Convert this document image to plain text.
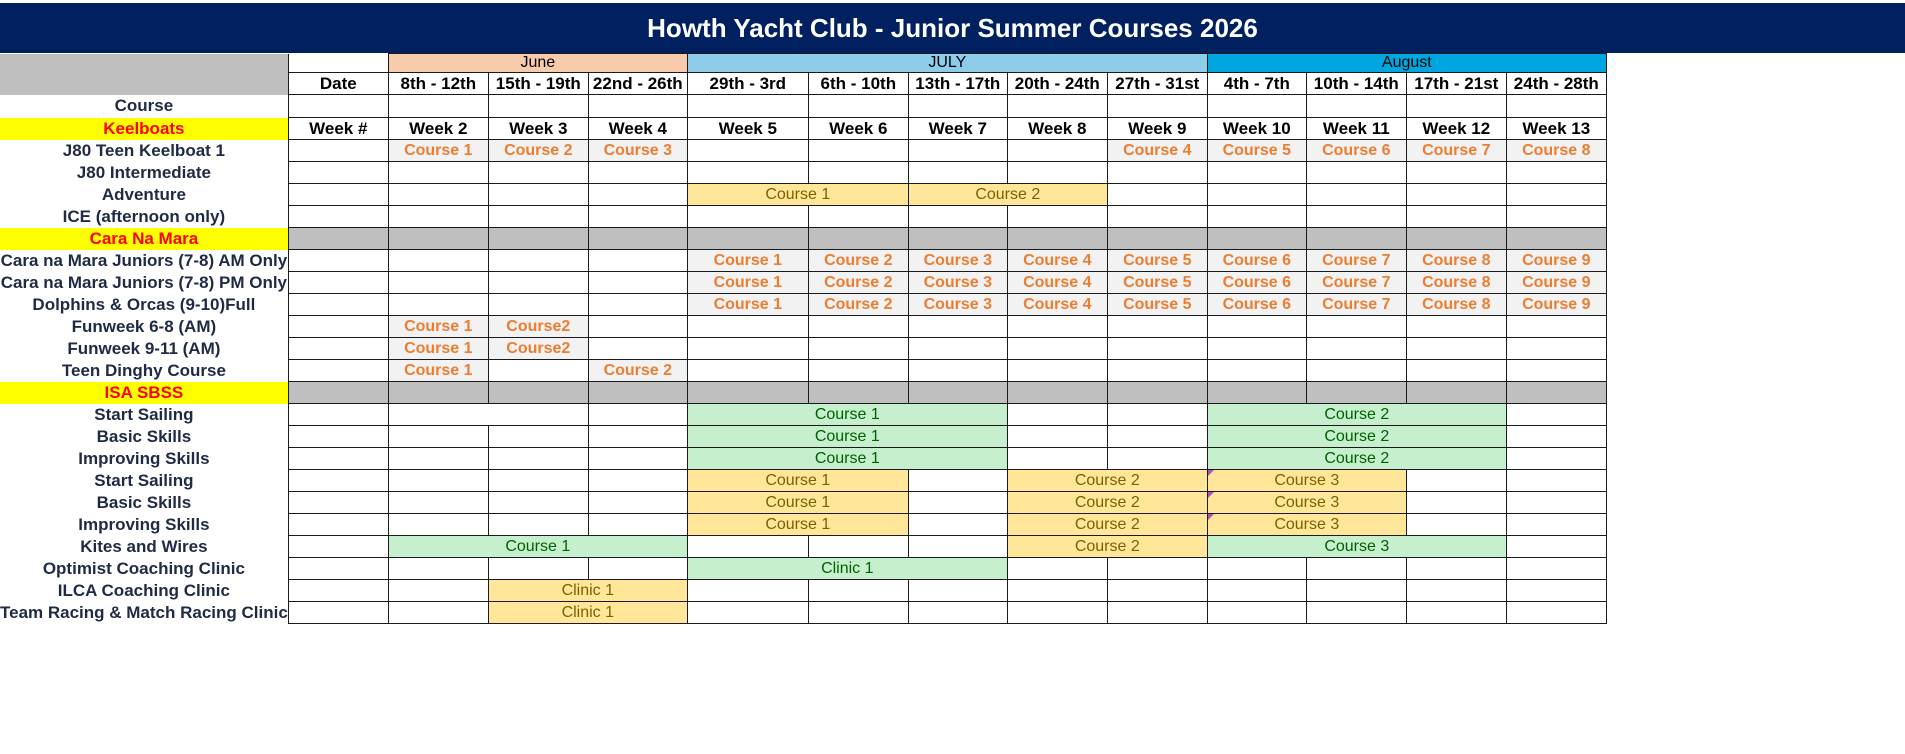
Howth Yacht Club - Junior Summer Courses 2026
		June			JULY					August			
	Date	8th - 12th	15th - 19th	22nd - 26th	29th - 3rd	6th - 10th	13th - 17th	20th - 24th	27th - 31st	4th - 7th	10th - 14th	17th - 21st	24th - 28th
Course													
Keelboats	Week #	Week 2	Week 3	Week 4	Week 5	Week 6	Week 7	Week 8	Week 9	Week 10	Week 11	Week 12	Week 13
J80 Teen Keelboat 1		Course 1	Course 2	Course 3					Course 4	Course 5	Course 6	Course 7	Course 8
J80 Intermediate													
Adventure					Course 1		Course 2						
ICE (afternoon only)													
Cara Na Mara													
Cara na Mara Juniors (7-8) AM Only					Course 1	Course 2	Course 3	Course 4	Course 5	Course 6	Course 7	Course 8	Course 9
Cara na Mara Juniors (7-8) PM Only					Course 1	Course 2	Course 3	Course 4	Course 5	Course 6	Course 7	Course 8	Course 9
Dolphins & Orcas (9-10)Full					Course 1	Course 2	Course 3	Course 4	Course 5	Course 6	Course 7	Course 8	Course 9
Funweek 6-8 (AM)		Course 1	Course2										
Funweek 9-11 (AM)		Course 1	Course2										
Teen Dinghy Course		Course 1		Course 2									
ISA SBSS													
Start Sailing					Course 1					Course 2			
Basic Skills					Course 1					Course 2			
Improving Skills					Course 1					Course 2			
Start Sailing					Course 1			Course 2		Course 3			
Basic Skills					Course 1			Course 2		Course 3			
Improving Skills					Course 1			Course 2		Course 3			
Kites and Wires		Course 1						Course 2		Course 3			
Optimist Coaching Clinic					Clinic 1								
ILCA Coaching Clinic			Clinic 1										
Team Racing & Match Racing Clinic			Clinic 1										
